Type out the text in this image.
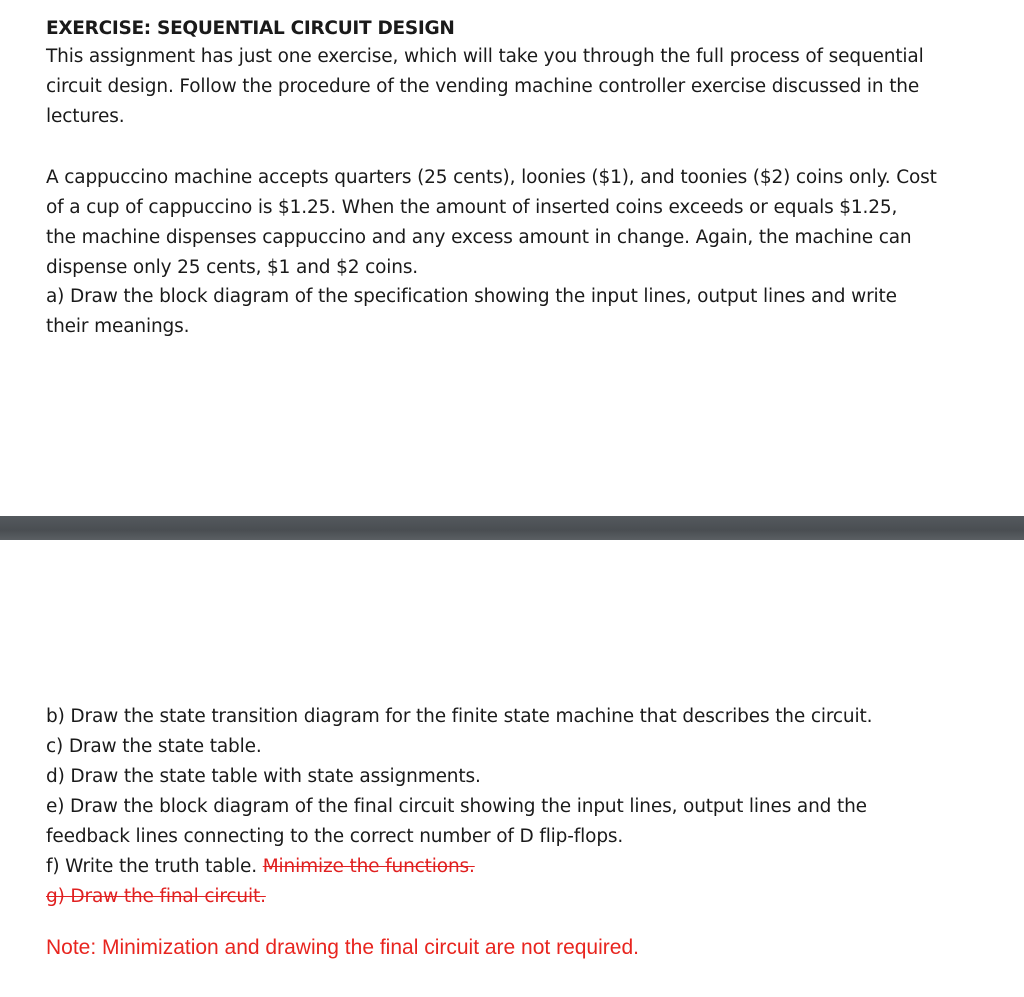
EXERCISE: SEQUENTIAL CIRCUIT DESIGN
This assignment has just one exercise, which will take you through the full process of sequential
circuit design. Follow the procedure of the vending machine controller exercise discussed in the
lectures.
A cappuccino machine accepts quarters (25 cents), loonies ($1), and toonies ($2) coins only. Cost
of a cup of cappuccino is $1.25. When the amount of inserted coins exceeds or equals $1.25,
the machine dispenses cappuccino and any excess amount in change. Again, the machine can
dispense only 25 cents, $1 and $2 coins.
a) Draw the block diagram of the specification showing the input lines, output lines and write
their meanings.
b) Draw the state transition diagram for the finite state machine that describes the circuit.
c) Draw the state table.
d) Draw the state table with state assignments.
e) Draw the block diagram of the final circuit showing the input lines, output lines and the
feedback lines connecting to the correct number of D flip-flops.
f) Write the truth table. Minimize the functions.
g) Draw the final circuit.
Note: Minimization and drawing the final circuit are not required.
